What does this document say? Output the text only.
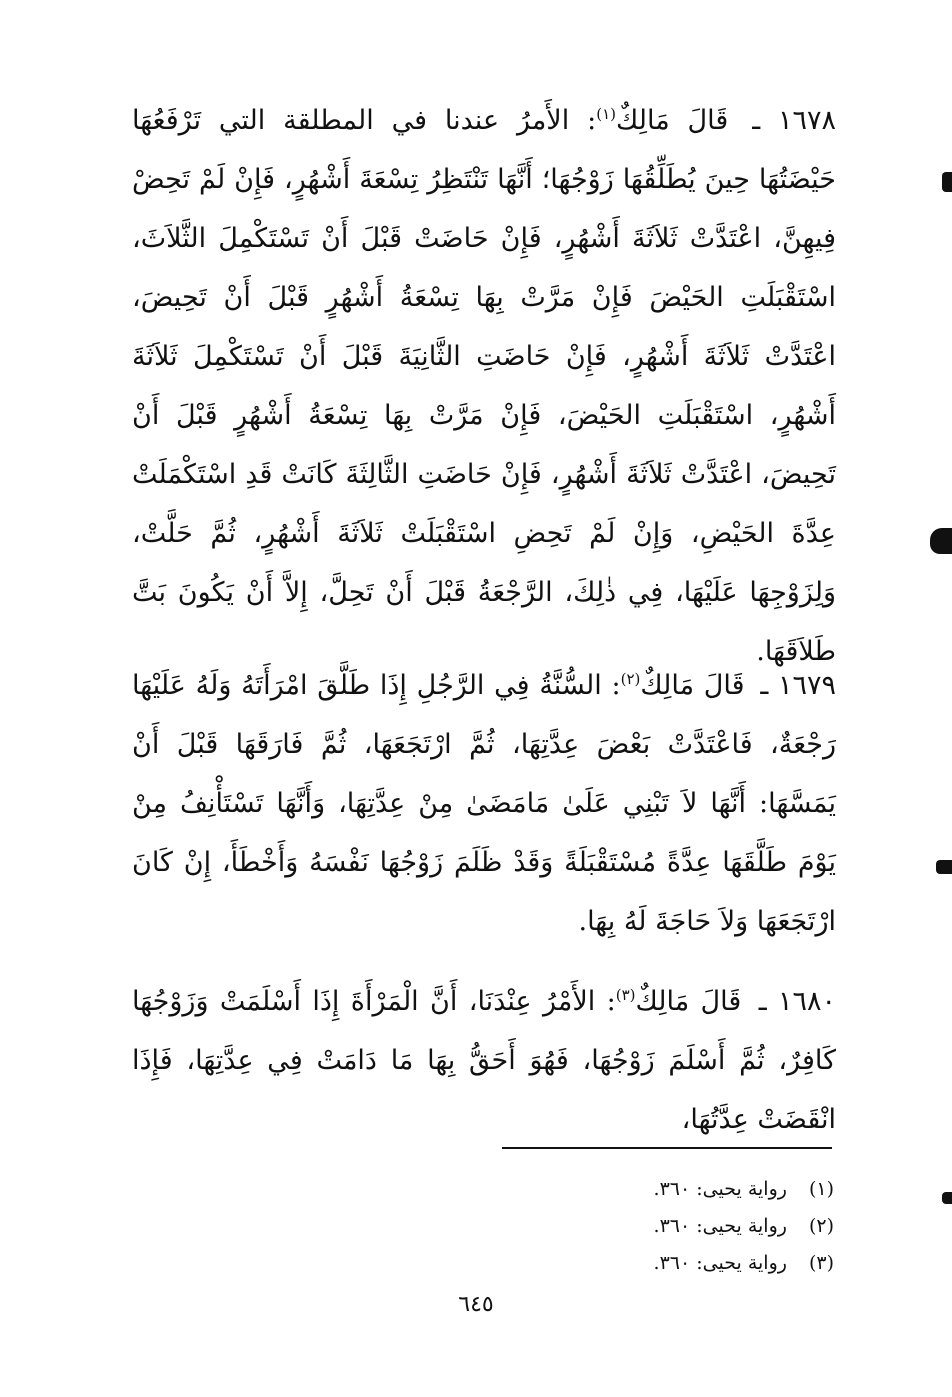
١٦٧٨ ـ قَالَ مَالِكٌ$^{(١)}$: الأَمرُ عندنا في المطلقة التي تَرْفَعُهَا حَيْضَتُهَا حِينَ يُطَلِّقُهَا زَوْجُهَا؛ أَنَّهَا تَنْتَظِرُ تِسْعَةَ أَشْهُرٍ، فَإِنْ لَمْ تَحِضْ فِيهِنَّ، اعْتَدَّتْ ثَلاَثَةَ أَشْهُرٍ، فَإِنْ حَاضَتْ قَبْلَ أَنْ تَسْتَكْمِلَ الثَّلاَثَ، اسْتَقْبَلَتِ الحَيْضَ فَإِنْ مَرَّتْ بِهَا تِسْعَةُ أَشْهُرٍ قَبْلَ أَنْ تَحِيضَ، اعْتَدَّتْ ثَلاَثَةَ أَشْهُرٍ، فَإِنْ حَاضَتِ الثَّانِيَةَ قَبْلَ أَنْ تَسْتَكْمِلَ ثَلاَثَةَ أَشْهُرٍ، اسْتَقْبَلَتِ الحَيْضَ، فَإِنْ مَرَّتْ بِهَا تِسْعَةُ أَشْهُرٍ قَبْلَ أَنْ تَحِيضَ، اعْتَدَّتْ ثَلاَثَةَ أَشْهُرٍ، فَإِنْ حَاضَتِ الثَّالِثَةَ كَانَتْ قَدِ اسْتَكْمَلَتْ عِدَّةَ الحَيْضِ، وَإِنْ لَمْ تَحِضِ اسْتَقْبَلَتْ ثَلاَثَةَ أَشْهُرٍ، ثُمَّ حَلَّتْ، وَلِزَوْجِهَا عَلَيْهَا، فِي ذٰلِكَ، الرَّجْعَةُ قَبْلَ أَنْ تَحِلَّ، إِلاَّ أَنْ يَكُونَ بَتَّ طَلاَقَهَا.
١٦٧٩ ـ قَالَ مَالِكٌ$^{(٢)}$: السُّنَّةُ فِي الرَّجُلِ إِذَا طَلَّقَ امْرَأَتَهُ وَلَهُ عَلَيْهَا رَجْعَةٌ، فَاعْتَدَّتْ بَعْضَ عِدَّتِهَا، ثُمَّ ارْتَجَعَهَا، ثُمَّ فَارَقَهَا قَبْلَ أَنْ يَمَسَّهَا: أَنَّهَا لاَ تَبْنِي عَلَىٰ مَامَضَىٰ مِنْ عِدَّتِهَا، وَأَنَّهَا تَسْتَأْنِفُ مِنْ يَوْمَ طَلَّقَهَا عِدَّةً مُسْتَقْبَلَةً وَقَدْ ظَلَمَ زَوْجُهَا نَفْسَهُ وَأَخْطَأَ، إِنْ كَانَ ارْتَجَعَهَا وَلاَ حَاجَةَ لَهُ بِهَا.
١٦٨٠ ـ قَالَ مَالِكٌ$^{(٣)}$: الأَمْرُ عِنْدَنَا، أَنَّ الْمَرْأَةَ إِذَا أَسْلَمَتْ وَزَوْجُهَا كَافِرٌ، ثُمَّ أَسْلَمَ زَوْجُهَا، فَهُوَ أَحَقُّ بِهَا مَا دَامَتْ فِي عِدَّتِهَا، فَإِذَا انْقَضَتْ عِدَّتُهَا،
(١)رواية يحيى: ٣٦٠.
(٢)رواية يحيى: ٣٦٠.
(٣)رواية يحيى: ٣٦٠.
٦٤٥
